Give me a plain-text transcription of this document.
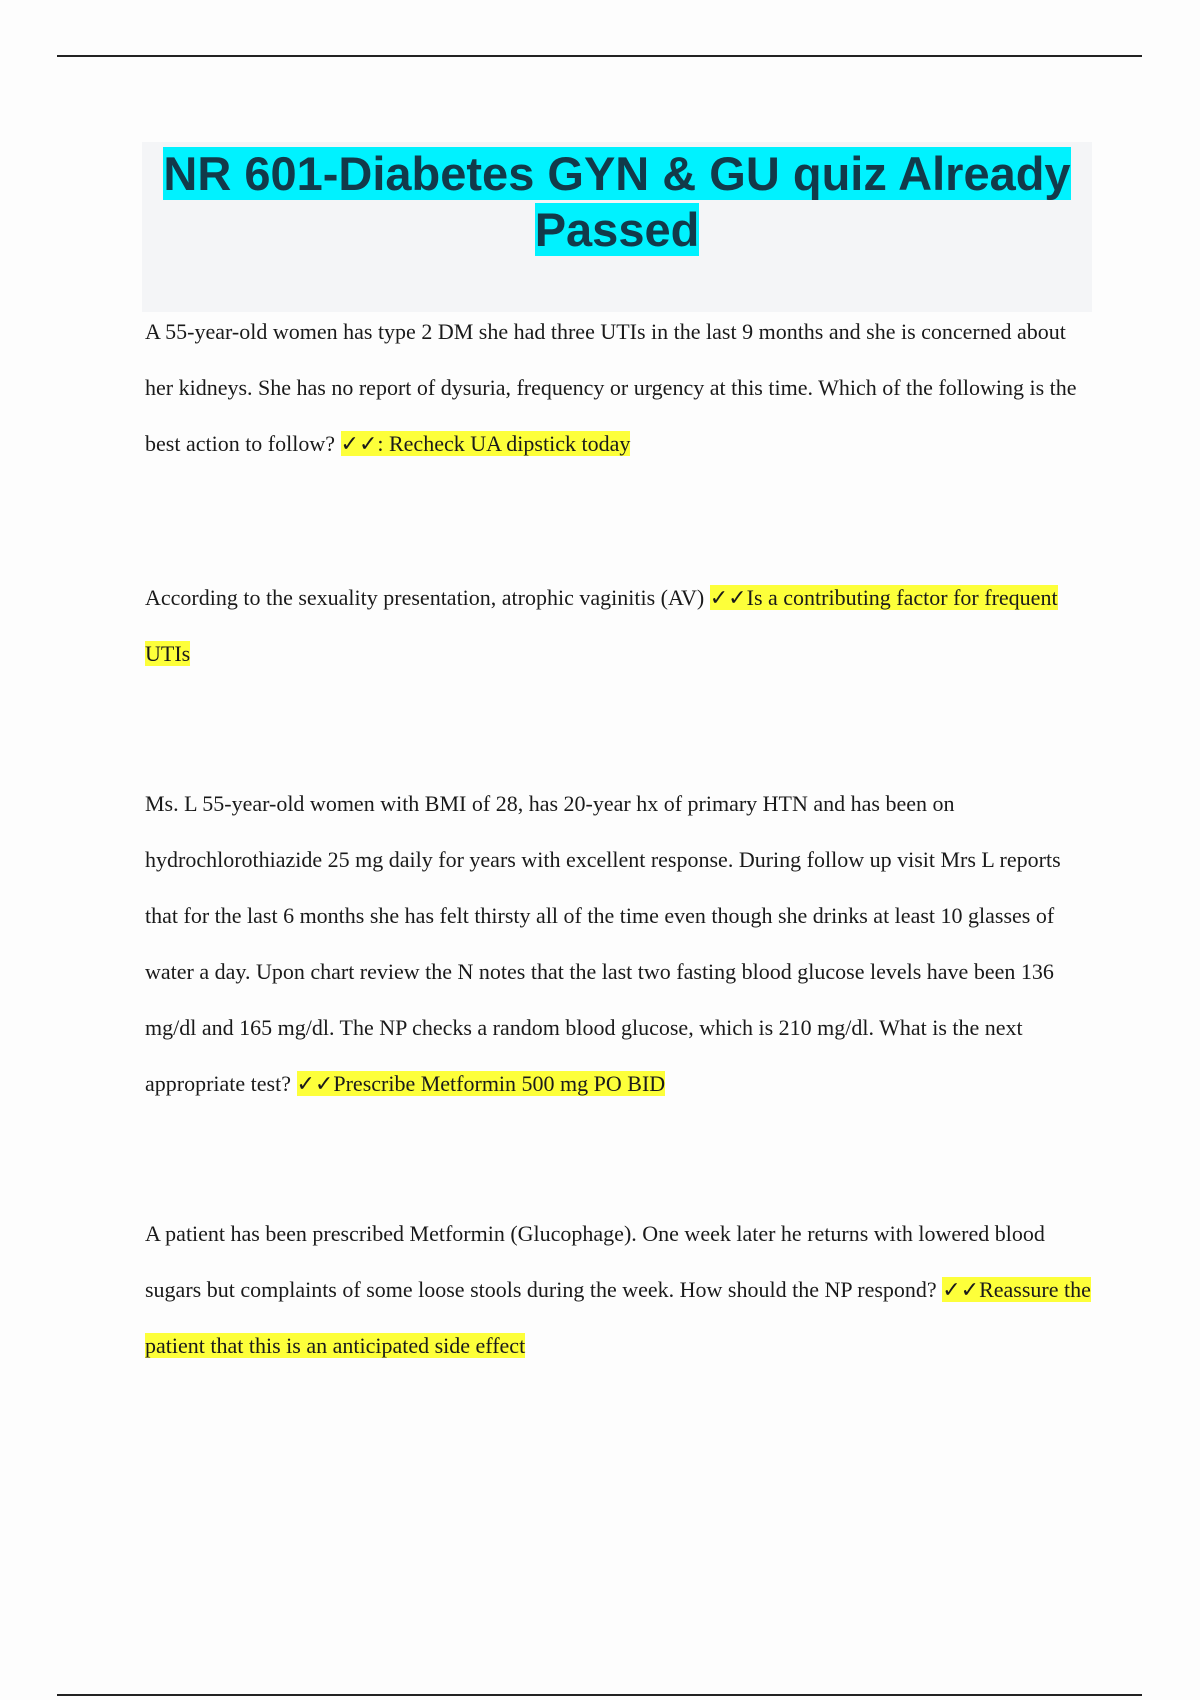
NR 601-Diabetes GYN & GU quiz Already Passed

A 55-year-old women has type 2 DM she had three UTIs in the last 9 months and she is concerned about her kidneys. She has no report of dysuria, frequency or urgency at this time. Which of the following is the best action to follow? ✓✓: Recheck UA dipstick today

According to the sexuality presentation, atrophic vaginitis (AV) ✓✓Is a contributing factor for frequent UTIs

Ms. L 55-year-old women with BMI of 28, has 20-year hx of primary HTN and has been on hydrochlorothiazide 25 mg daily for years with excellent response. During follow up visit Mrs L reports that for the last 6 months she has felt thirsty all of the time even though she drinks at least 10 glasses of water a day. Upon chart review the N notes that the last two fasting blood glucose levels have been 136 mg/dl and 165 mg/dl. The NP checks a random blood glucose, which is 210 mg/dl. What is the next appropriate test? ✓✓Prescribe Metformin 500 mg PO BID

A patient has been prescribed Metformin (Glucophage). One week later he returns with lowered blood sugars but complaints of some loose stools during the week. How should the NP respond? ✓✓Reassure the patient that this is an anticipated side effect
